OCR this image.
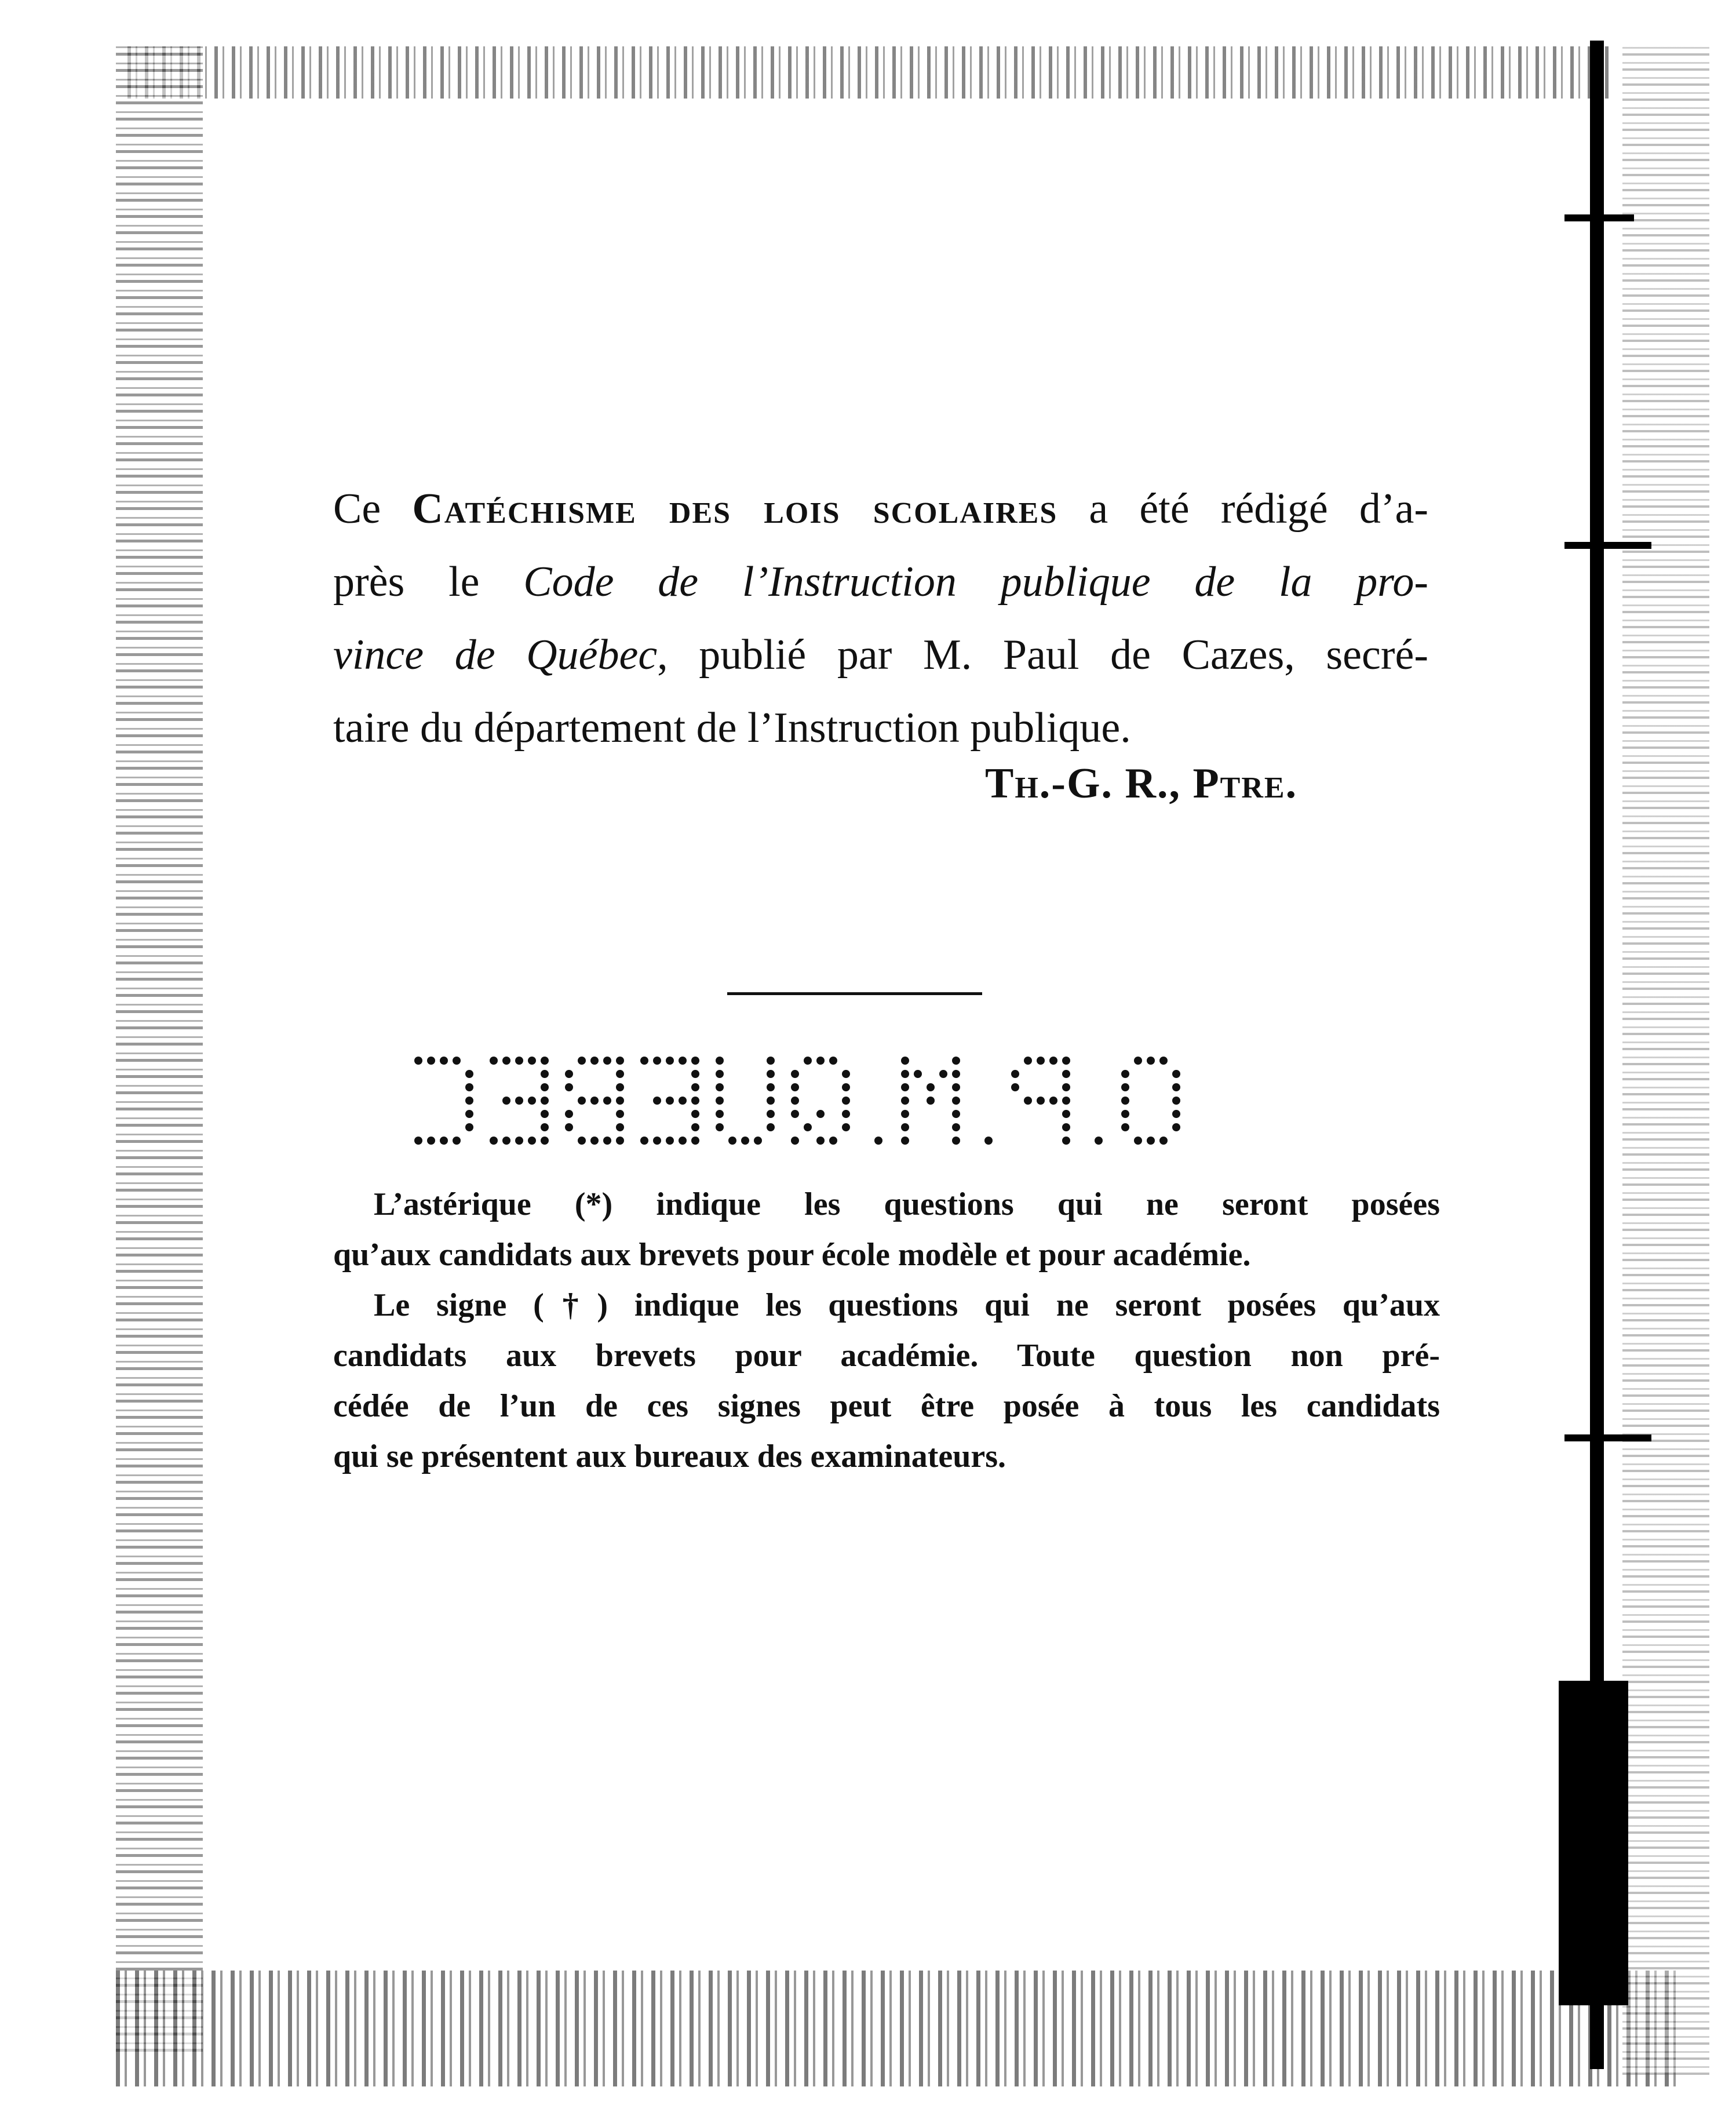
Ce Catéchisme des lois scolaires a été rédigé d’a-
près le Code de l’Instruction publique de la pro-
vince de Québec, publié par M. Paul de Cazes, secré-
taire du département de l’Instruction publique.
Th.-G. R., Ptre.
L’astérique (*) indique les questions qui ne seront posées
qu’aux candidats aux brevets pour école modèle et pour académie.
Le signe (†) indique les questions qui ne seront posées qu’aux
candidats aux brevets pour académie. Toute question non pré-
cédée de l’un de ces signes peut être posée à tous les candidats
qui se présentent aux bureaux des examinateurs.
